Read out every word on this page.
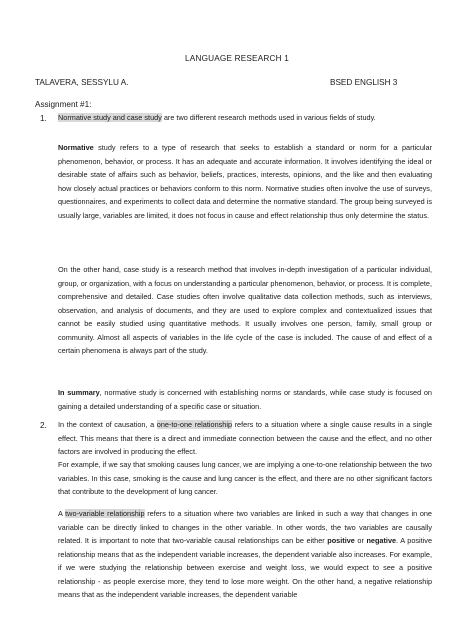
LANGUAGE RESEARCH 1
TALAVERA, SESSYLU A.	BSED ENGLISH 3
Assignment #1:
1. Normative study and case study are two different research methods used in various fields of study.

Normative study refers to a type of research that seeks to establish a standard or norm for a particular phenomenon, behavior, or process. It has an adequate and accurate information. It involves identifying the ideal or desirable state of affairs such as behavior, beliefs, practices, interests, opinions, and the like and then evaluating how closely actual practices or behaviors conform to this norm. Normative studies often involve the use of surveys, questionnaires, and experiments to collect data and determine the normative standard. The group being surveyed is usually large, variables are limited, it does not focus in cause and effect relationship thus only determine the status.

On the other hand, case study is a research method that involves in-depth investigation of a particular individual, group, or organization, with a focus on understanding a particular phenomenon, behavior, or process. It is complete, comprehensive and detailed. Case studies often involve qualitative data collection methods, such as interviews, observation, and analysis of documents, and they are used to explore complex and contextualized issues that cannot be easily studied using quantitative methods. It usually involves one person, family, small group or community. Almost all aspects of variables in the life cycle of the case is included. The cause of and effect of a certain phenomena is always part of the study.

In summary, normative study is concerned with establishing norms or standards, while case study is focused on gaining a detailed understanding of a specific case or situation.

2. In the context of causation, a one-to-one relationship refers to a situation where a single cause results in a single effect. This means that there is a direct and immediate connection between the cause and the effect, and no other factors are involved in producing the effect.

For example, if we say that smoking causes lung cancer, we are implying a one-to-one relationship between the two variables. In this case, smoking is the cause and lung cancer is the effect, and there are no other significant factors that contribute to the development of lung cancer.

A two-variable relationship refers to a situation where two variables are linked in such a way that changes in one variable can be directly linked to changes in the other variable. In other words, the two variables are causally related. It is important to note that two-variable causal relationships can be either positive or negative. A positive relationship means that as the independent variable increases, the dependent variable also increases. For example, if we were studying the relationship between exercise and weight loss, we would expect to see a positive relationship - as people exercise more, they tend to lose more weight. On the other hand, a negative relationship means that as the independent variable increases, the dependent variable
